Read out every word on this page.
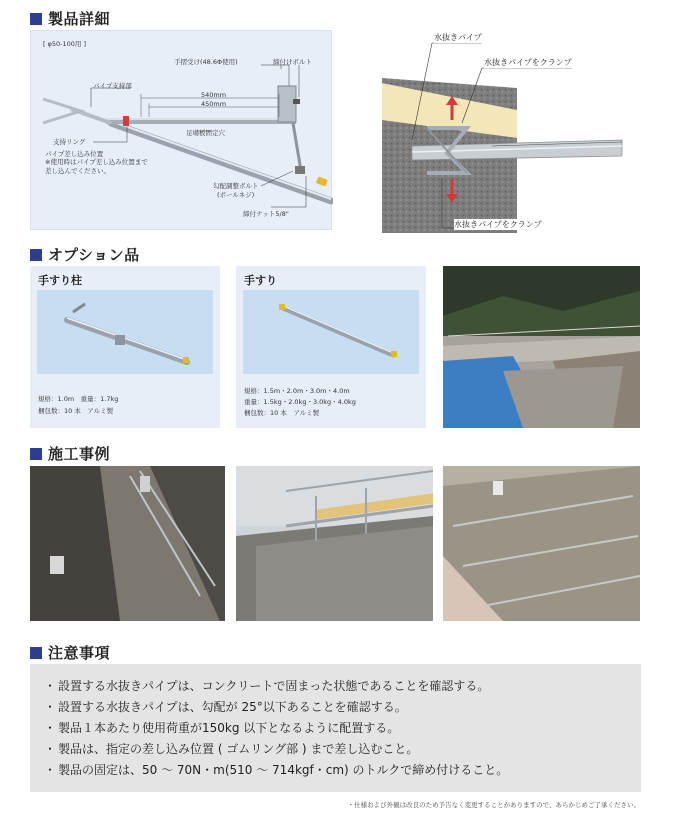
製品詳細
[ φ50-100用 ]
手摺受け(48.6Φ使用)	締付けボルト
パイプ支持部
540mm
450mm
足場板固定穴
支持リング
パイプ差し込み位置
※使用時はパイプ差し込み位置まで 差し込んでください。
勾配調整ボルト
(ボールネジ)
締付ナット5/8"
水抜きパイプ
水抜きパイプをクランプ
水抜きパイプをクランプ
オプション品
手すり柱
規格：1.0m　重量：1.7kg
梱包数：10 本　アルミ製
手すり
規格：1.5m・2.0m・3.0m・4.0m
重量：1.5kg・2.0kg・3.0kg・4.0kg
梱包数：10 本　アルミ製
施工事例
注意事項
・ 設置する水抜きパイプは、コンクリートで固まった状態であることを確認する。
・ 設置する水抜きパイプは、勾配が 25°以下あることを確認する。
・ 製品１本あたり使用荷重が150kg 以下となるように配置する。
・ 製品は、指定の差し込み位置 ( ゴムリング部 ) まで差し込むこと。
・ 製品の固定は、50 〜 70N・m(510 〜 714kgf・cm) のトルクで締め付けること。
・仕様および外観は改良のため予告なく変更することがありますので、あらかじめご了承ください。
